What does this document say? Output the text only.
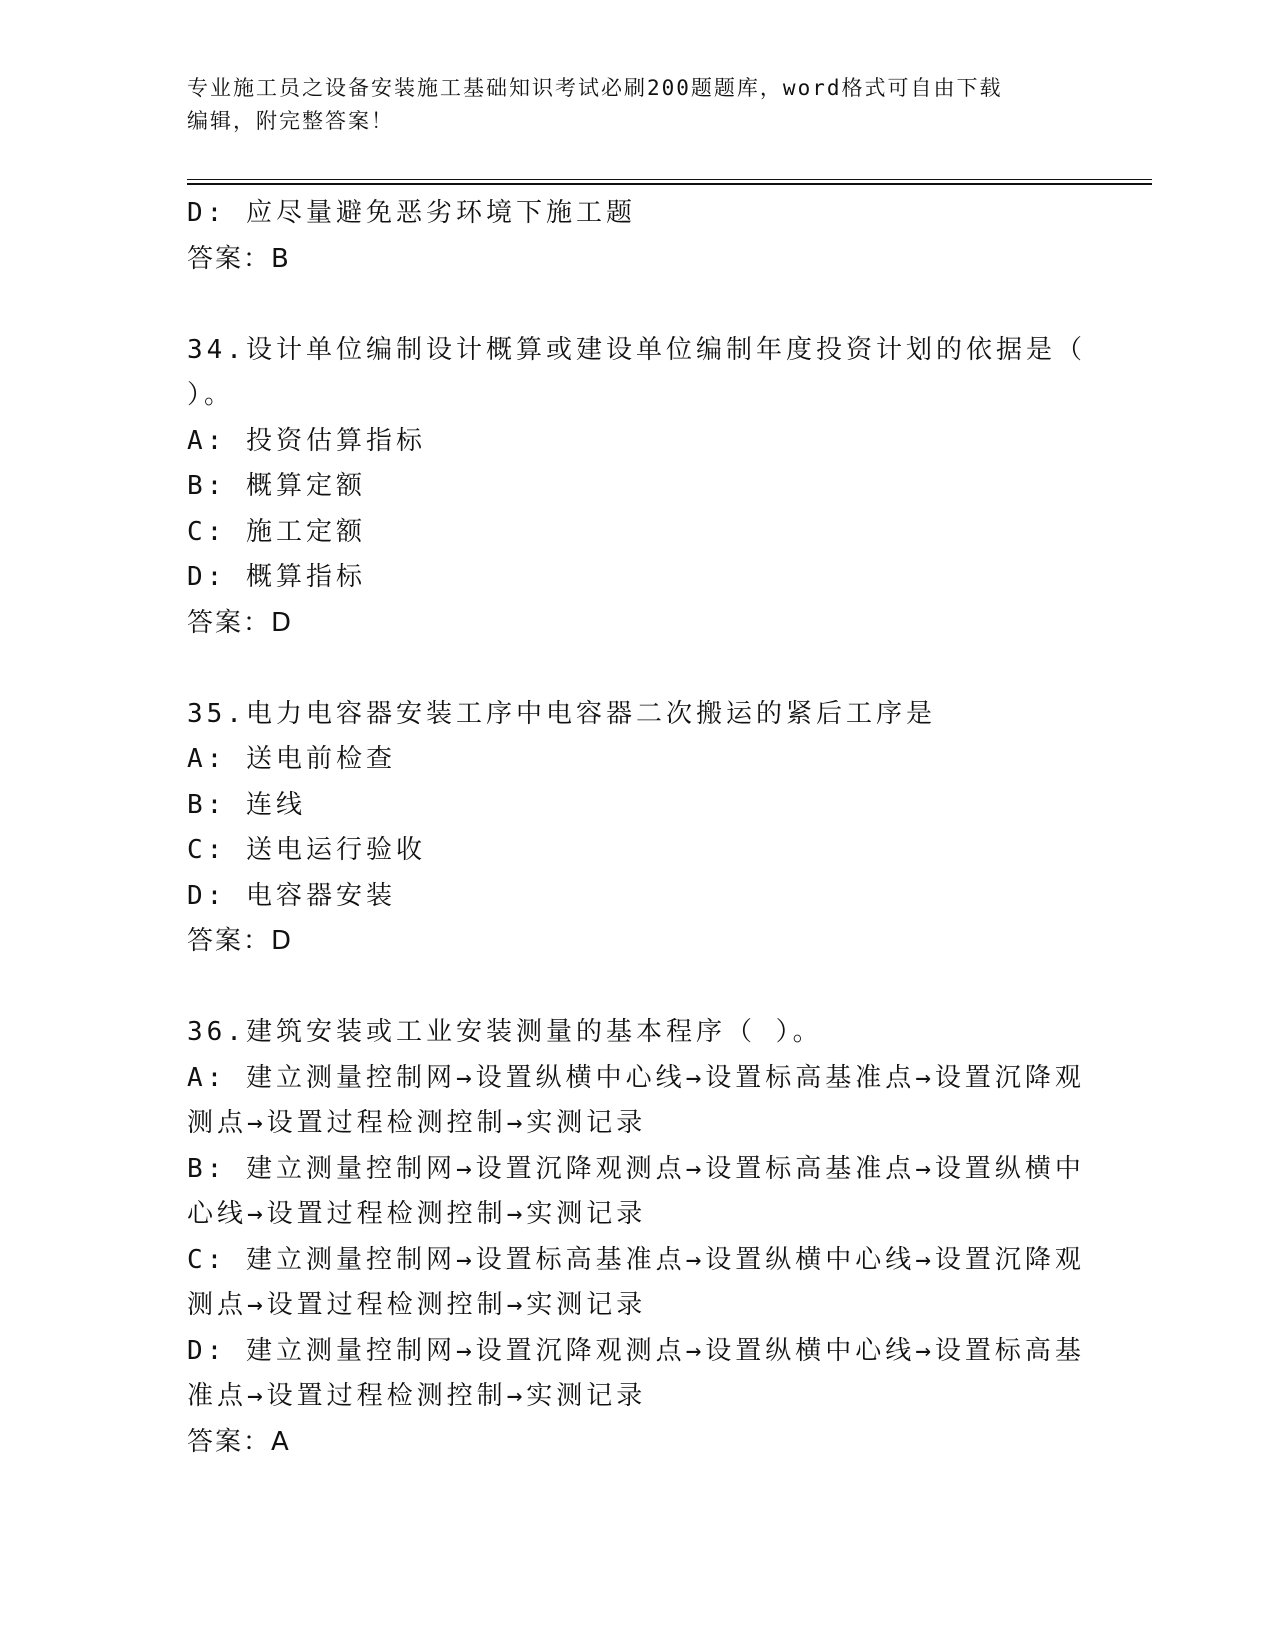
专业施工员之设备安装施工基础知识考试必刷200题题库，word格式可自由下载
编辑，附完整答案！
D: 应尽量避免恶劣环境下施工题
答案：B
34.设计单位编制设计概算或建设单位编制年度投资计划的依据是（
）。
A: 投资估算指标
B: 概算定额
C: 施工定额
D: 概算指标
答案：D
35.电力电容器安装工序中电容器二次搬运的紧后工序是
A: 送电前检查
B: 连线
C: 送电运行验收
D: 电容器安装
答案：D
36.建筑安装或工业安装测量的基本程序（ ）。
A: 建立测量控制网→设置纵横中心线→设置标高基准点→设置沉降观
测点→设置过程检测控制→实测记录
B: 建立测量控制网→设置沉降观测点→设置标高基准点→设置纵横中
心线→设置过程检测控制→实测记录
C: 建立测量控制网→设置标高基准点→设置纵横中心线→设置沉降观
测点→设置过程检测控制→实测记录
D: 建立测量控制网→设置沉降观测点→设置纵横中心线→设置标高基
准点→设置过程检测控制→实测记录
答案：A
